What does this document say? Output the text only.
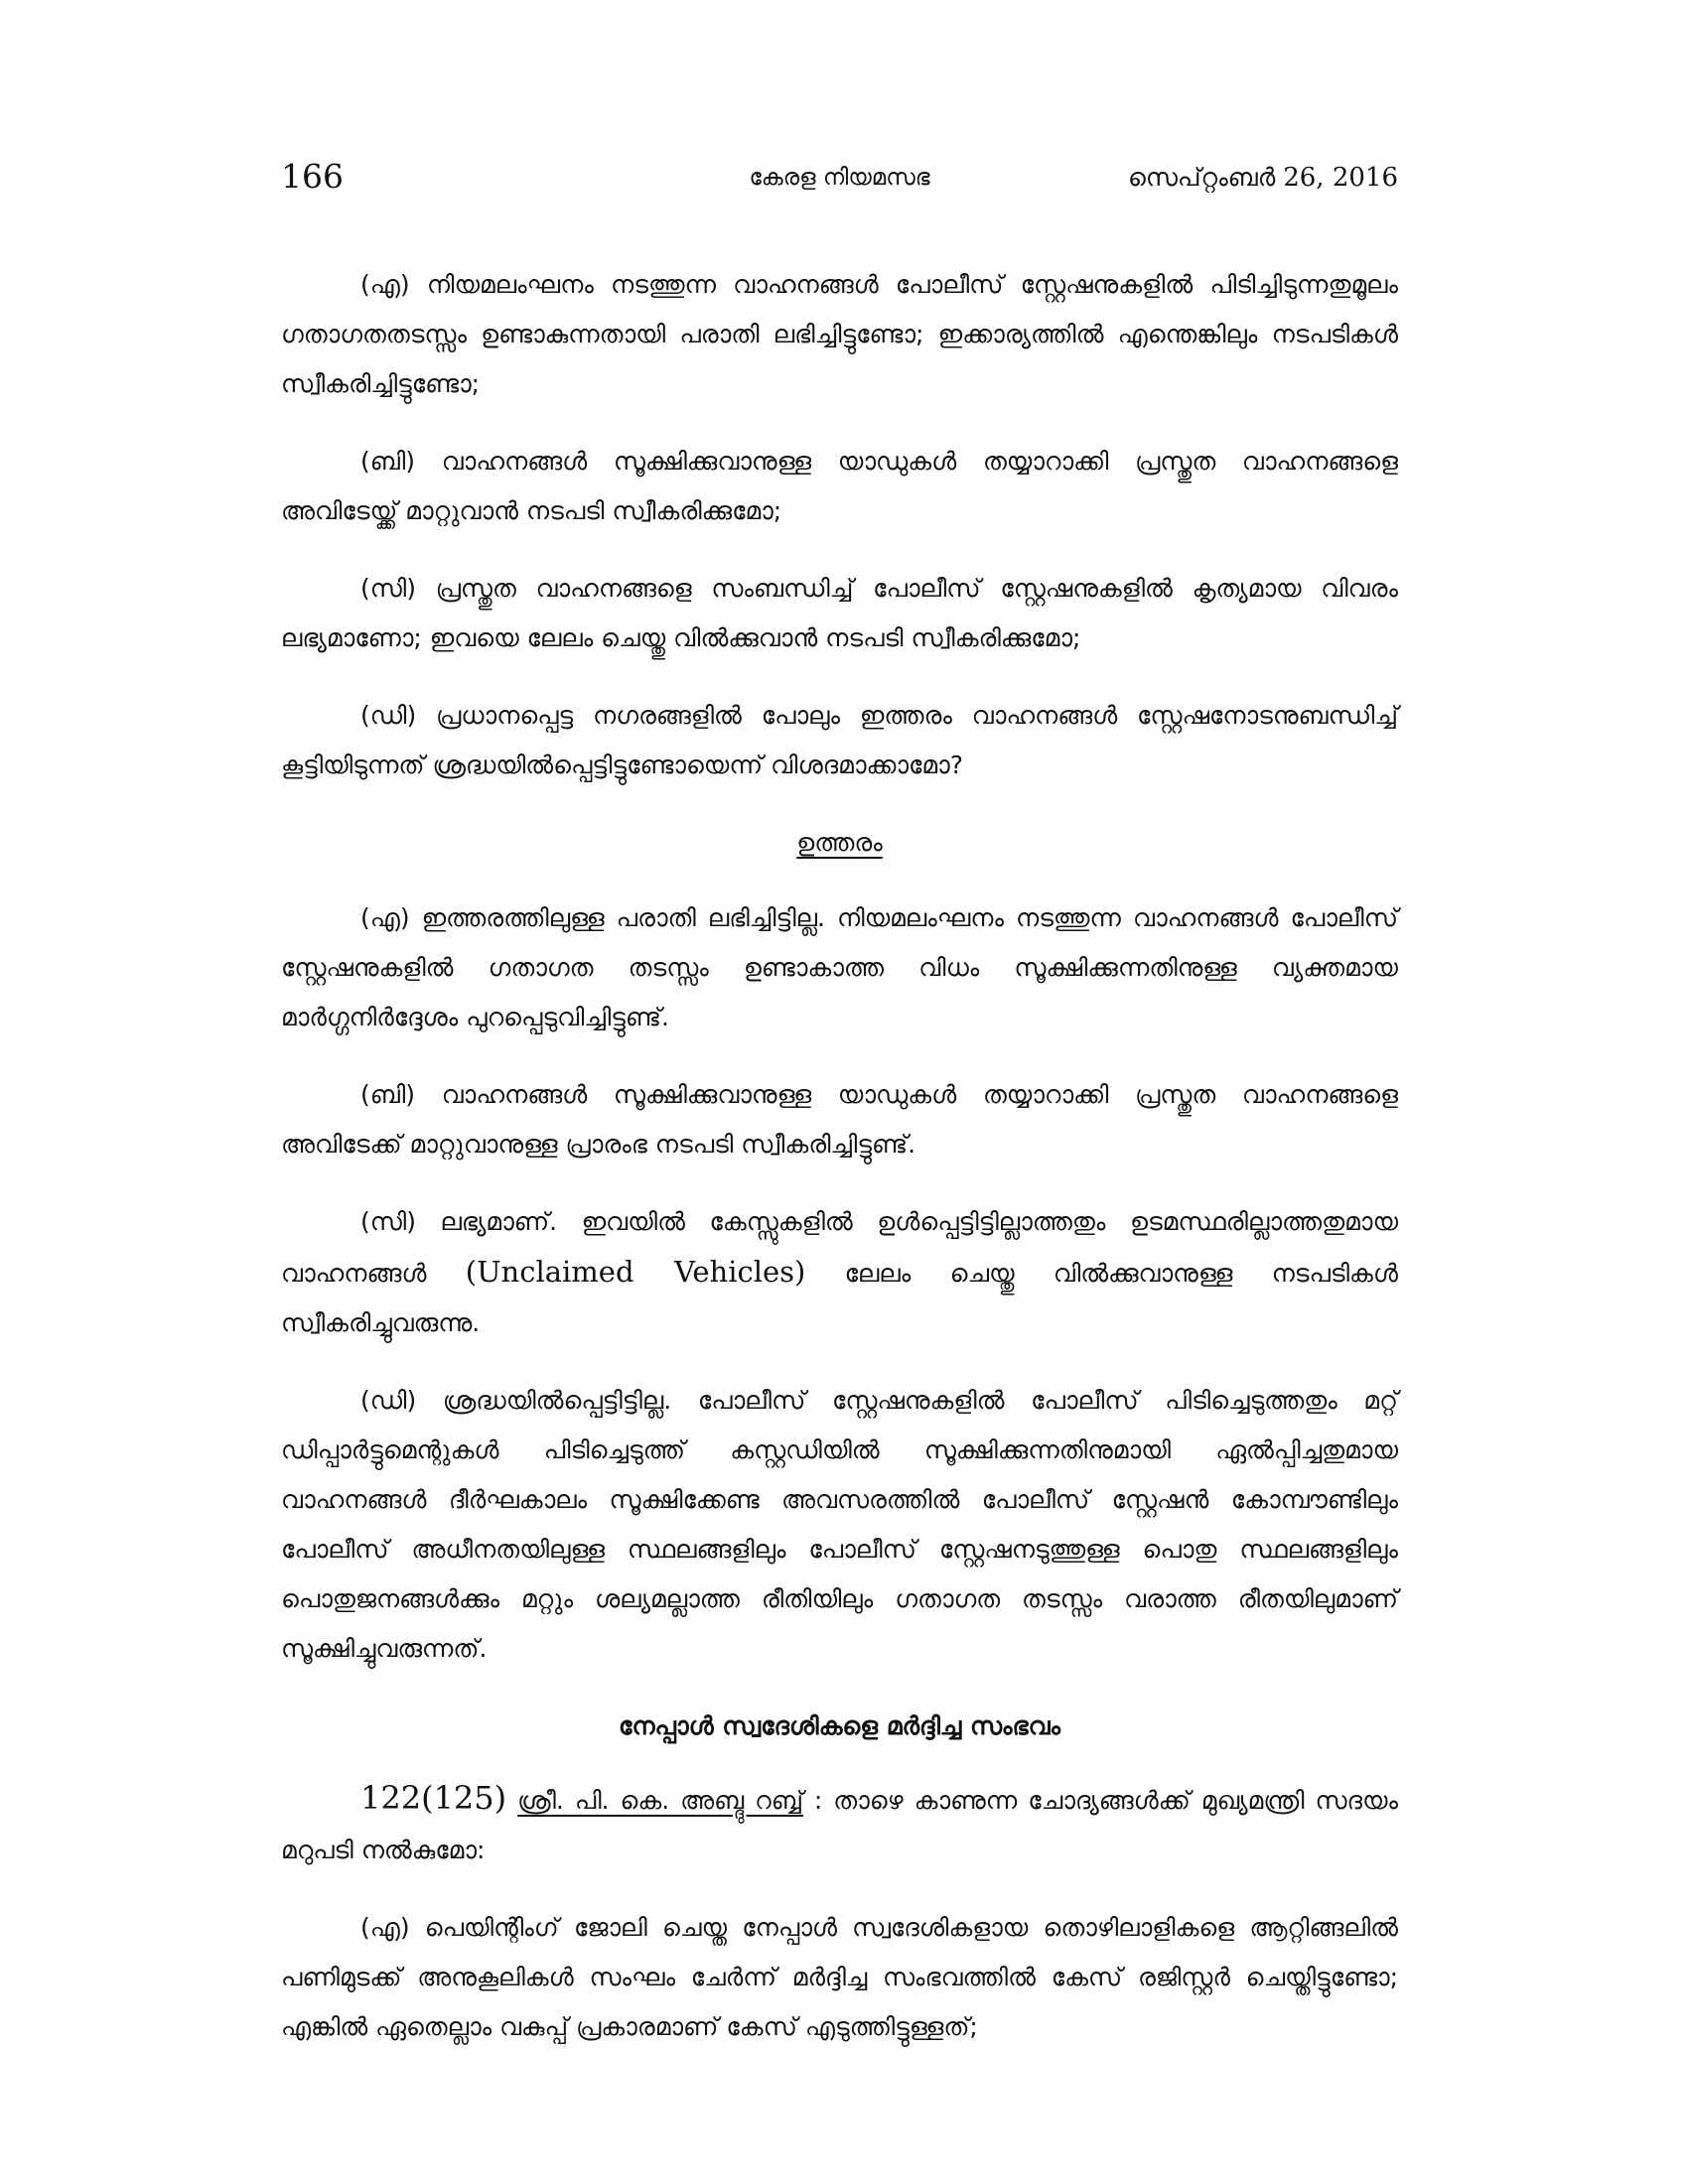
166	കേരള നിയമസഭ	സെപ്റ്റംബർ 26, 2016

(എ) നിയമലംഘനം നടത്തുന്ന വാഹനങ്ങൾ പോലീസ് സ്റ്റേഷനുകളിൽ പിടിച്ചിടുന്നതുമൂലം ഗതാഗതതടസ്സം ഉണ്ടാകുന്നതായി പരാതി ലഭിച്ചിട്ടുണ്ടോ; ഇക്കാര്യത്തിൽ എന്തെങ്കിലും നടപടികൾ സ്വീകരിച്ചിട്ടുണ്ടോ;

(ബി) വാഹനങ്ങൾ സൂക്ഷിക്കുവാനുള്ള യാഡുകൾ തയ്യാറാക്കി പ്രസ്തുത വാഹനങ്ങളെ അവിടേയ്ക്ക് മാറ്റുവാൻ നടപടി സ്വീകരിക്കുമോ;

(സി) പ്രസ്തുത വാഹനങ്ങളെ സംബന്ധിച്ച് പോലീസ് സ്റ്റേഷനുകളിൽ കൃത്യമായ വിവരം ലഭ്യമാണോ; ഇവയെ ലേലം ചെയ്തു വിൽക്കുവാൻ നടപടി സ്വീകരിക്കുമോ;

(ഡി) പ്രധാനപ്പെട്ട നഗരങ്ങളിൽ പോലും ഇത്തരം വാഹനങ്ങൾ സ്റ്റേഷനോടനുബന്ധിച്ച് കൂട്ടിയിടുന്നത് ശ്രദ്ധയിൽപ്പെട്ടിട്ടുണ്ടോയെന്ന് വിശദമാക്കാമോ?

ഉത്തരം

(എ) ഇത്തരത്തിലുള്ള പരാതി ലഭിച്ചിട്ടില്ല. നിയമലംഘനം നടത്തുന്ന വാഹനങ്ങൾ പോലീസ് സ്റ്റേഷനുകളിൽ ഗതാഗത തടസ്സം ഉണ്ടാകാത്ത വിധം സൂക്ഷിക്കുന്നതിനുള്ള വ്യക്തമായ മാർഗ്ഗനിർദ്ദേശം പുറപ്പെടുവിച്ചിട്ടുണ്ട്.

(ബി) വാഹനങ്ങൾ സൂക്ഷിക്കുവാനുള്ള യാഡുകൾ തയ്യാറാക്കി പ്രസ്തുത വാഹനങ്ങളെ അവിടേക്ക് മാറ്റുവാനുള്ള പ്രാരംഭ നടപടി സ്വീകരിച്ചിട്ടുണ്ട്.

(സി) ലഭ്യമാണ്. ഇവയിൽ കേസ്സുകളിൽ ഉൾപ്പെട്ടിട്ടില്ലാത്തതും ഉടമസ്ഥരില്ലാത്തതുമായ വാഹനങ്ങൾ (Unclaimed Vehicles) ലേലം ചെയ്തു വിൽക്കുവാനുള്ള നടപടികൾ സ്വീകരിച്ചുവരുന്നു.

(ഡി) ശ്രദ്ധയിൽപ്പെട്ടിട്ടില്ല. പോലീസ് സ്റ്റേഷനുകളിൽ പോലീസ് പിടിച്ചെടുത്തതും മറ്റ് ഡിപ്പാർട്ടുമെന്റുകൾ പിടിച്ചെടുത്ത് കസ്റ്റഡിയിൽ സൂക്ഷിക്കുന്നതിനുമായി ഏൽപ്പിച്ചതുമായ വാഹനങ്ങൾ ദീർഘകാലം സൂക്ഷിക്കേണ്ട അവസരത്തിൽ പോലീസ് സ്റ്റേഷൻ കോമ്പൗണ്ടിലും പോലീസ് അധീനതയിലുള്ള സ്ഥലങ്ങളിലും പോലീസ് സ്റ്റേഷനടുത്തുള്ള പൊതു സ്ഥലങ്ങളിലും പൊതുജനങ്ങൾക്കും മറ്റും ശല്യമല്ലാത്ത രീതിയിലും ഗതാഗത തടസ്സം വരാത്ത രീതയിലുമാണ് സൂക്ഷിച്ചുവരുന്നത്.

നേപ്പാൾ സ്വദേശികളെ മർദ്ദിച്ച സംഭവം

122(125) ശ്രീ. പി. കെ. അബ്ദു റബ്ബ് : താഴെ കാണുന്ന ചോദ്യങ്ങൾക്ക് മുഖ്യമന്ത്രി സദയം മറുപടി നൽകുമോ:

(എ) പെയിന്റിംഗ് ജോലി ചെയ്ത നേപ്പാൾ സ്വദേശികളായ തൊഴിലാളികളെ ആറ്റിങ്ങലിൽ പണിമുടക്ക് അനുകൂലികൾ സംഘം ചേർന്ന് മർദ്ദിച്ച സംഭവത്തിൽ കേസ് രജിസ്റ്റർ ചെയ്തിട്ടുണ്ടോ; എങ്കിൽ ഏതെല്ലാം വകുപ്പ് പ്രകാരമാണ് കേസ് എടുത്തിട്ടുള്ളത്;
